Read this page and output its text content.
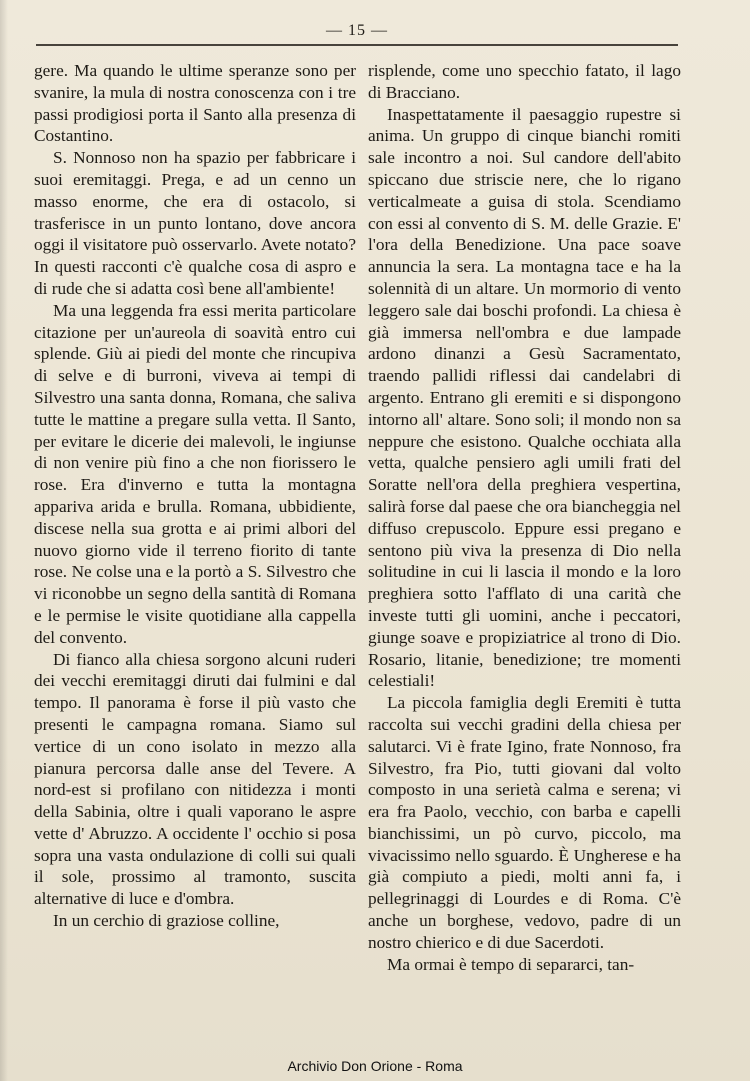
— 15 —

gere. Ma quando le ultime speranze sono per svanire, la mula di nostra conoscenza con i tre passi prodigiosi porta il Santo alla presenza di Costantino.

S. Nonnoso non ha spazio per fabbricare i suoi eremitaggi. Prega, e ad un cenno un masso enorme, che era di ostacolo, si trasferisce in un punto lontano, dove ancora oggi il visitatore può osservarlo. Avete notato? In questi racconti c'è qualche cosa di aspro e di rude che si adatta così bene all'ambiente!

Ma una leggenda fra essi merita particolare citazione per un'aureola di soavità entro cui splende. Giù ai piedi del monte che rincupiva di selve e di burroni, viveva ai tempi di Silvestro una santa donna, Romana, che saliva tutte le mattine a pregare sulla vetta. Il Santo, per evitare le dicerie dei malevoli, le ingiunse di non venire più fino a che non fiorissero le rose. Era d'inverno e tutta la montagna appariva arida e brulla. Romana, ubbidiente, discese nella sua grotta e ai primi albori del nuovo giorno vide il terreno fiorito di tante rose. Ne colse una e la portò a S. Silvestro che vi riconobbe un segno della santità di Romana e le permise le visite quotidiane alla cappella del convento.

Di fianco alla chiesa sorgono alcuni ruderi dei vecchi eremitaggi diruti dai fulmini e dal tempo. Il panorama è forse il più vasto che presenti le campagna romana. Siamo sul vertice di un cono isolato in mezzo alla pianura percorsa dalle anse del Tevere. A nord-est si profilano con nitidezza i monti della Sabinia, oltre i quali vaporano le aspre vette d' Abruzzo. A occidente l' occhio si posa sopra una vasta ondulazione di colli sui quali il sole, prossimo al tramonto, suscita alternative di luce e d'ombra.

In un cerchio di graziose colline,

risplende, come uno specchio fatato, il lago di Bracciano.

Inaspettatamente il paesaggio rupestre si anima. Un gruppo di cinque bianchi romiti sale incontro a noi. Sul candore dell'abito spiccano due striscie nere, che lo rigano verticalmeate a guisa di stola. Scendiamo con essi al convento di S. M. delle Grazie. E' l'ora della Benedizione. Una pace soave annuncia la sera. La montagna tace e ha la solennità di un altare. Un mormorio di vento leggero sale dai boschi profondi. La chiesa è già immersa nell'ombra e due lampade ardono dinanzi a Gesù Sacramentato, traendo pallidi riflessi dai candelabri di argento. Entrano gli eremiti e si dispongono intorno all' altare. Sono soli; il mondo non sa neppure che esistono. Qualche occhiata alla vetta, qualche pensiero agli umili frati del Soratte nell'ora della preghiera vespertina, salirà forse dal paese che ora biancheggia nel diffuso crepuscolo. Eppure essi pregano e sentono più viva la presenza di Dio nella solitudine in cui li lascia il mondo e la loro preghiera sotto l'afflato di una carità che investe tutti gli uomini, anche i peccatori, giunge soave e propiziatrice al trono di Dio. Rosario, litanie, benedizione; tre momenti celestiali!

La piccola famiglia degli Eremiti è tutta raccolta sui vecchi gradini della chiesa per salutarci. Vi è frate Igino, frate Nonnoso, fra Silvestro, fra Pio, tutti giovani dal volto composto in una serietà calma e serena; vi era fra Paolo, vecchio, con barba e capelli bianchissimi, un pò curvo, piccolo, ma vivacissimo nello sguardo. È Ungherese e ha già compiuto a piedi, molti anni fa, i pellegrinaggi di Lourdes e di Roma. C'è anche un borghese, vedovo, padre di un nostro chierico e di due Sacerdoti.

Ma ormai è tempo di separarci, tan-

Archivio Don Orione - Roma
